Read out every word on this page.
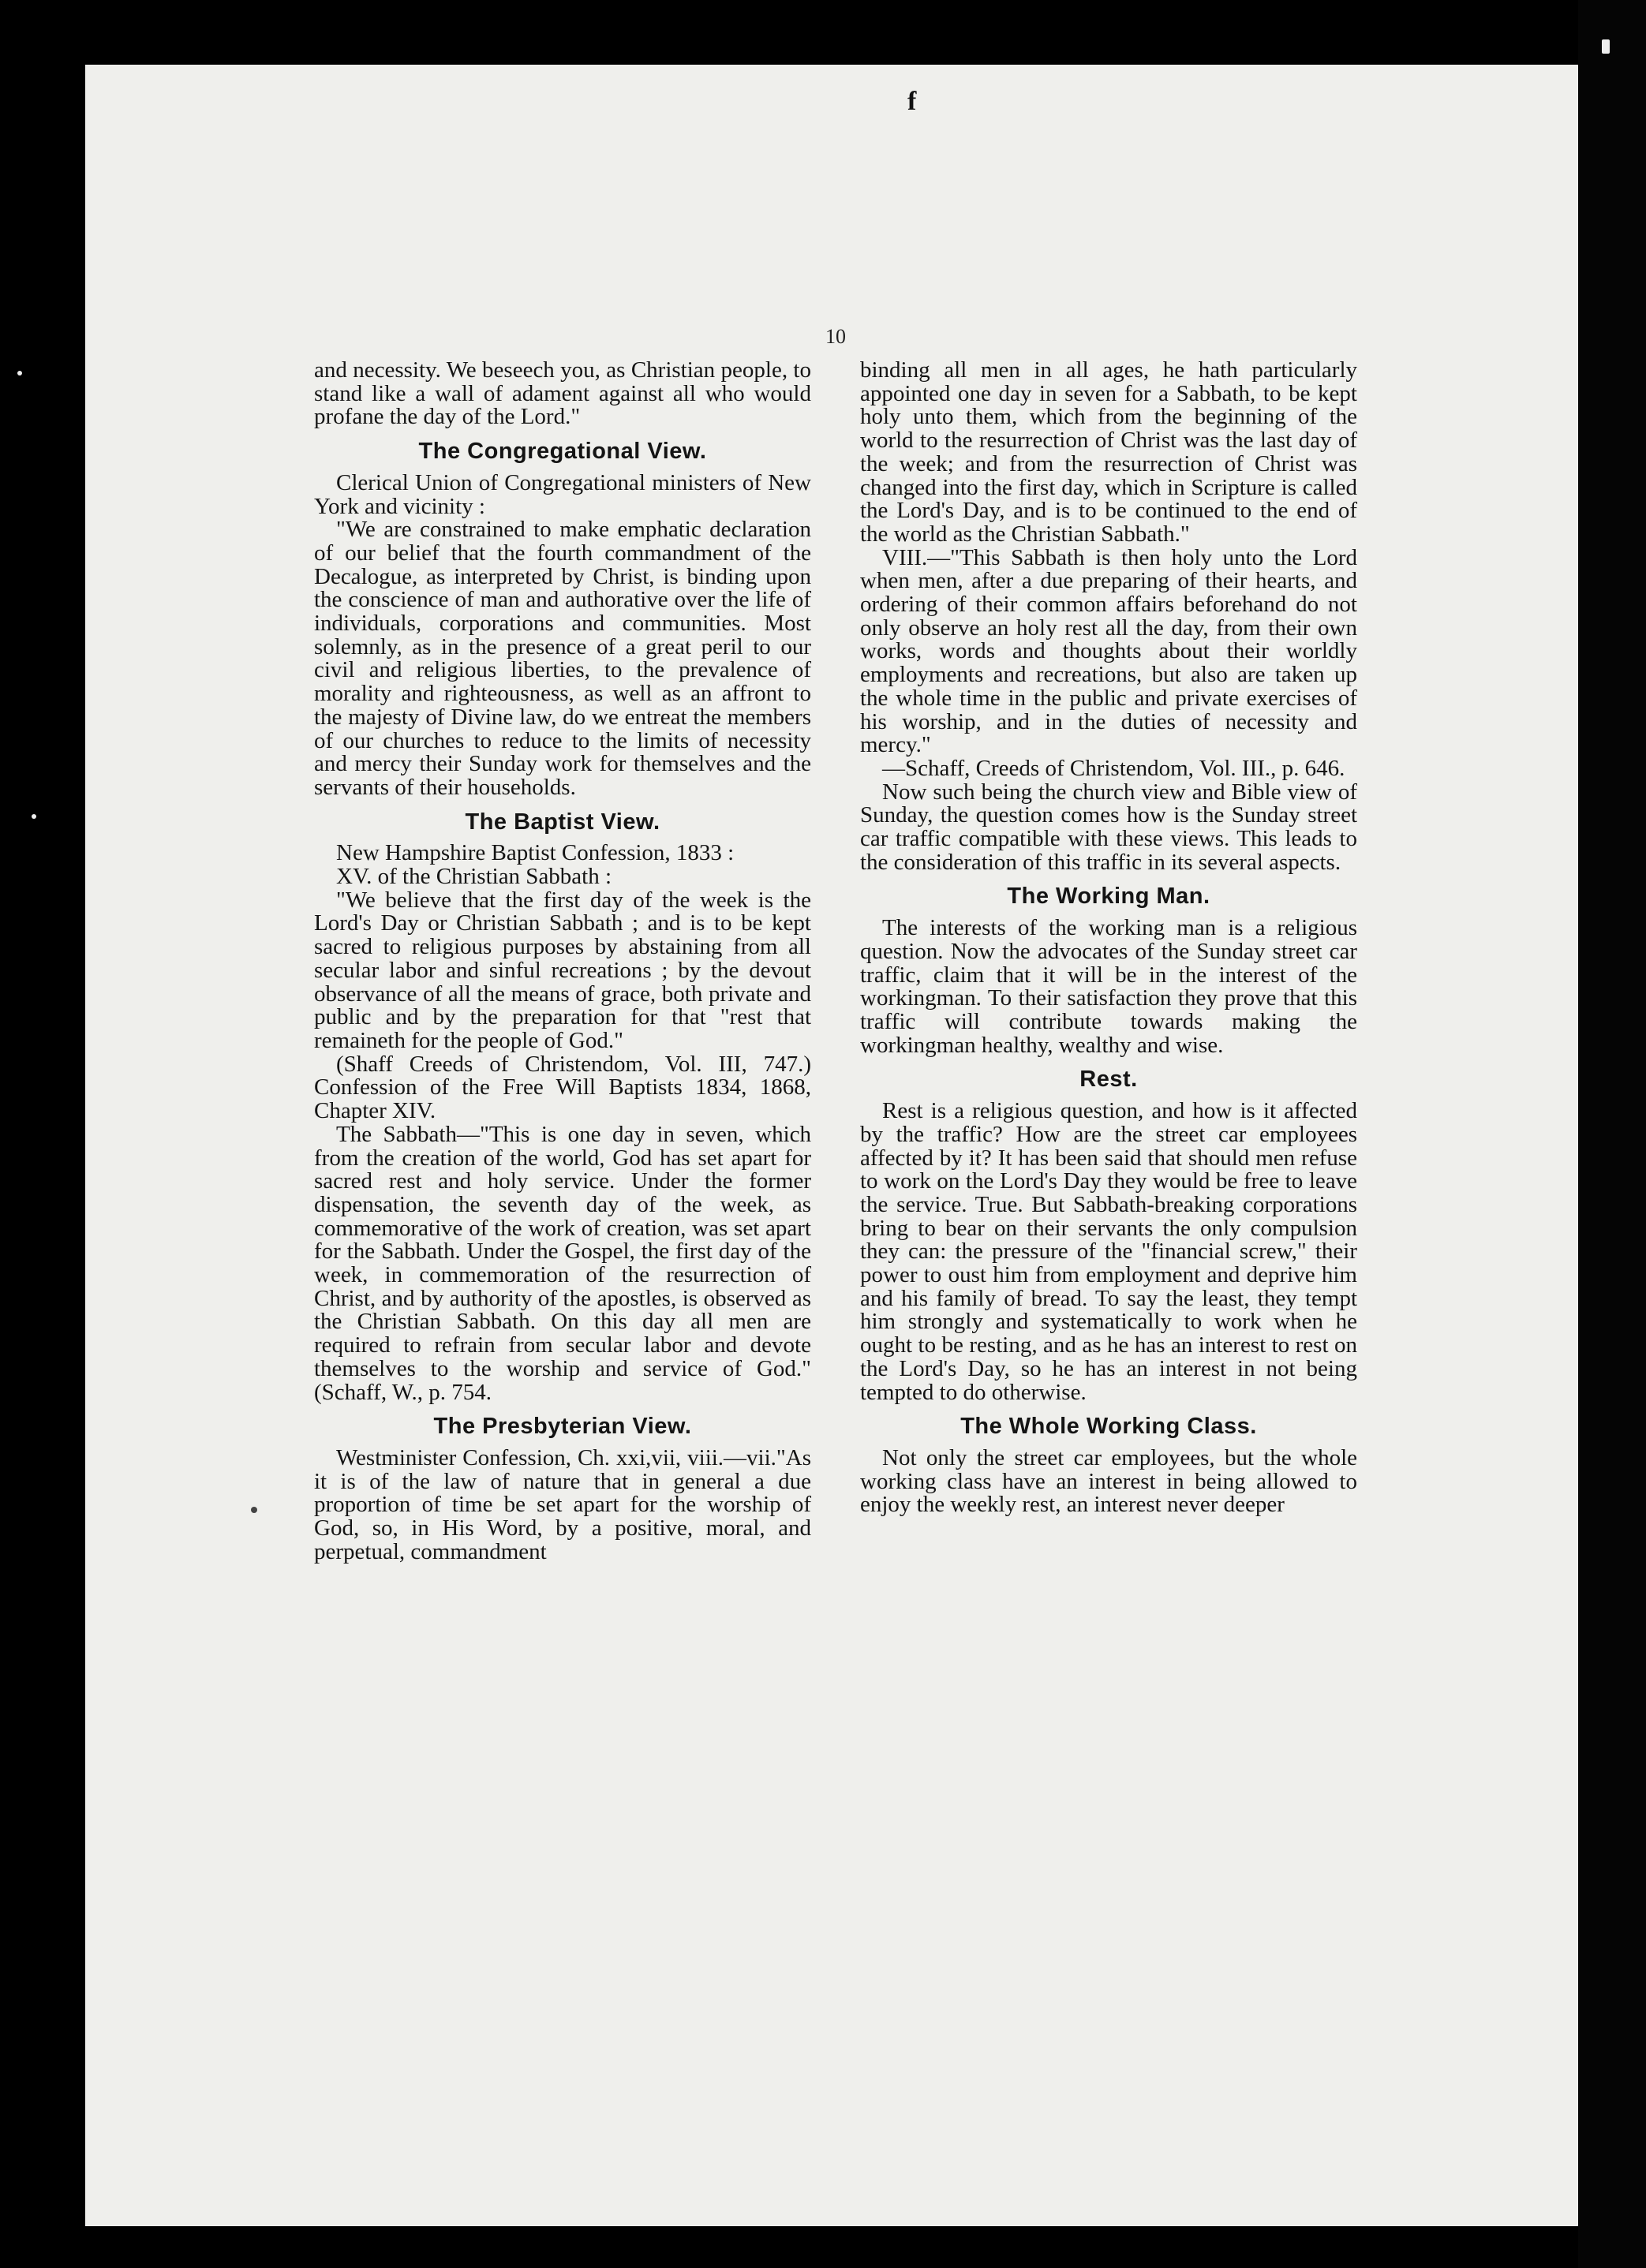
f
10

and necessity. We beseech you, as Christian people, to stand like a wall of adament against all who would profane the day of the Lord."

The Congregational View.

Clerical Union of Congregational ministers of New York and vicinity :

"We are constrained to make emphatic declaration of our belief that the fourth commandment of the Decalogue, as interpreted by Christ, is binding upon the conscience of man and authorative over the life of individuals, corporations and communities. Most solemnly, as in the presence of a great peril to our civil and religious liberties, to the prevalence of morality and righteousness, as well as an affront to the majesty of Divine law, do we entreat the members of our churches to reduce to the limits of necessity and mercy their Sunday work for themselves and the servants of their households.

The Baptist View.

New Hampshire Baptist Confession, 1833 :

XV. of the Christian Sabbath :

"We believe that the first day of the week is the Lord's Day or Christian Sabbath ; and is to be kept sacred to religious purposes by abstaining from all secular labor and sinful recreations ; by the devout observance of all the means of grace, both private and public and by the preparation for that "rest that remaineth for the people of God."

(Shaff Creeds of Christendom, Vol. III, 747.) Confession of the Free Will Baptists 1834, 1868, Chapter XIV.

The Sabbath—"This is one day in seven, which from the creation of the world, God has set apart for sacred rest and holy service. Under the former dispensation, the seventh day of the week, as commemorative of the work of creation, was set apart for the Sabbath. Under the Gospel, the first day of the week, in commemoration of the resurrection of Christ, and by authority of the apostles, is observed as the Christian Sabbath. On this day all men are required to refrain from secular labor and devote themselves to the worship and service of God." (Schaff, W., p. 754.

The Presbyterian View.

Westminister Confession, Ch. xxi,vii, viii.—vii."As it is of the law of nature that in general a due proportion of time be set apart for the worship of God, so, in His Word, by a positive, moral, and perpetual, commandment

binding all men in all ages, he hath particularly appointed one day in seven for a Sabbath, to be kept holy unto them, which from the beginning of the world to the resurrection of Christ was the last day of the week; and from the resurrection of Christ was changed into the first day, which in Scripture is called the Lord's Day, and is to be continued to the end of the world as the Christian Sabbath."

VIII.—"This Sabbath is then holy unto the Lord when men, after a due preparing of their hearts, and ordering of their common affairs beforehand do not only observe an holy rest all the day, from their own works, words and thoughts about their worldly employments and recreations, but also are taken up the whole time in the public and private exercises of his worship, and in the duties of necessity and mercy."

—Schaff, Creeds of Christendom, Vol. III., p. 646.

Now such being the church view and Bible view of Sunday, the question comes how is the Sunday street car traffic compatible with these views. This leads to the consideration of this traffic in its several aspects.

The Working Man.

The interests of the working man is a religious question. Now the advocates of the Sunday street car traffic, claim that it will be in the interest of the workingman. To their satisfaction they prove that this traffic will contribute towards making the workingman healthy, wealthy and wise.

Rest.

Rest is a religious question, and how is it affected by the traffic? How are the street car employees affected by it? It has been said that should men refuse to work on the Lord's Day they would be free to leave the service. True. But Sabbath-breaking corporations bring to bear on their servants the only compulsion they can: the pressure of the "financial screw," their power to oust him from employment and deprive him and his family of bread. To say the least, they tempt him strongly and systematically to work when he ought to be resting, and as he has an interest to rest on the Lord's Day, so he has an interest in not being tempted to do otherwise.

The Whole Working Class.

Not only the street car employees, but the whole working class have an interest in being allowed to enjoy the weekly rest, an interest never deeper
